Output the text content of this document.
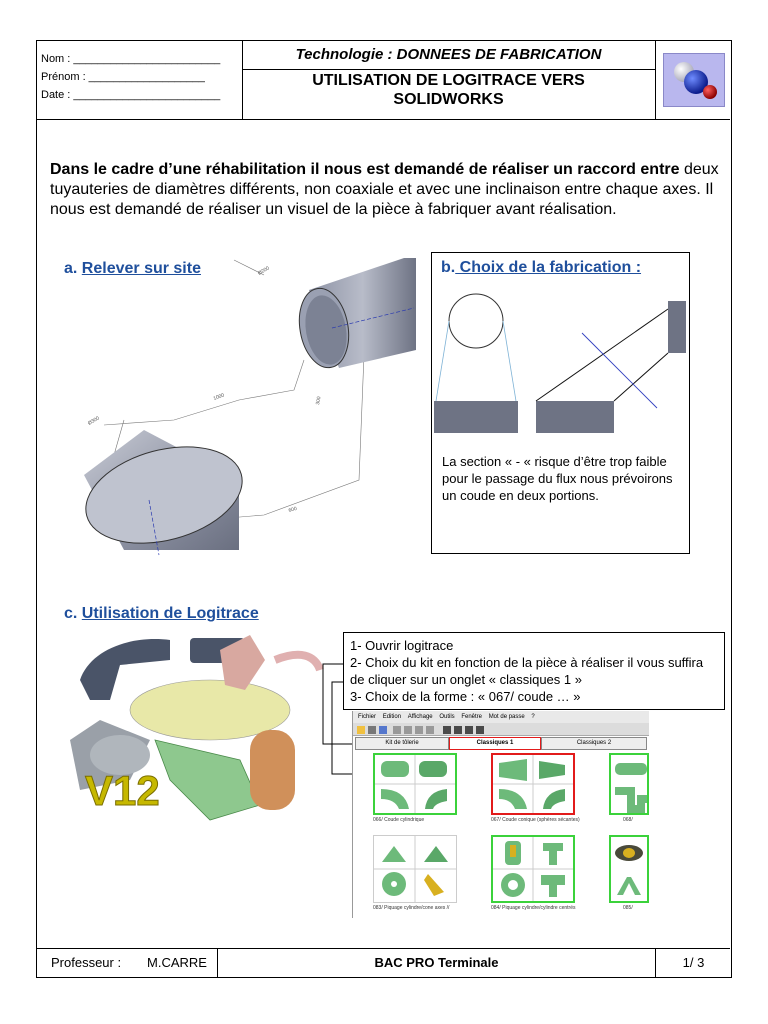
Nom : ________________________
Prénom : ___________________
Date : ________________________
Technologie : DONNEES DE FABRICATION
UTILISATION DE LOGITRACE VERS
SOLIDWORKS
Professeur : M.CARRE	BAC PRO Terminale	1/ 3
Dans le cadre d’une réhabilitation il nous est demandé de réaliser un raccord entre deux tuyauteries de diamètres différents, non coaxiale et avec une inclinaison entre chaque axes. Il nous est demandé de réaliser un visuel de la pièce à fabriquer avant réalisation.
a. Relever sur site	Ø200
1000	300
600
Ø300
b. Choix de la fabrication :
La section « - « risque d’être trop faible pour le passage du flux nous prévoirons un coude en deux portions.
c. Utilisation de Logitrace
V12
1- Ouvrir logitrace
2- Choix du kit en fonction de la pièce à réaliser il vous suffira de cliquer sur un onglet « classiques 1 »
3- Choix de la forme : « 067/ coude … »
Fichier Edition Affichage Outils Fenêtre Mot de passe ?
Kit de tôlerie	Classiques 1	Classiques 2
066/ Coude cylindrique	067/ Coude conique (sphères sécantes)	068/
083/ Piquage cylindre/cone axes //	084/ Piquage cylindre/cylindre centrés	085/
